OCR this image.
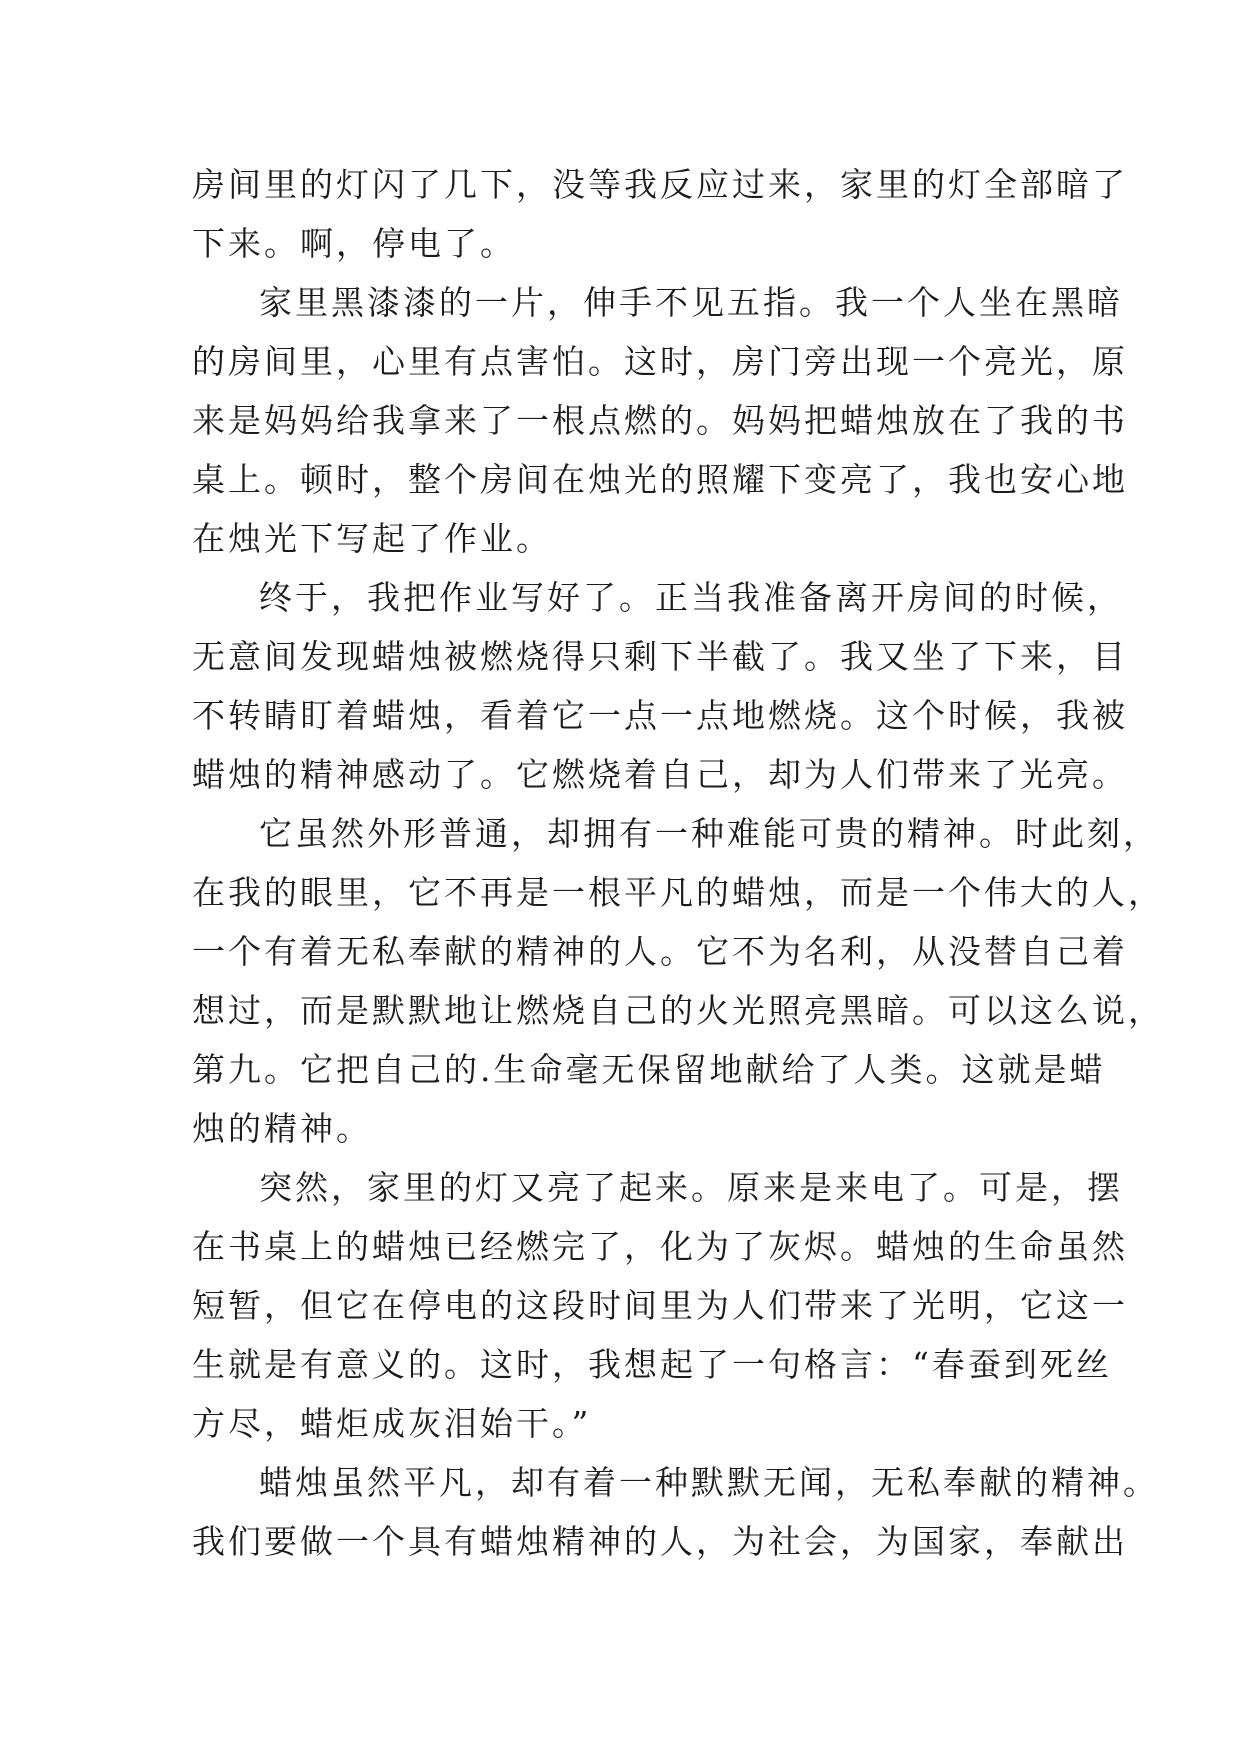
房间里的灯闪了几下，没等我反应过来，家里的灯全部暗了
下来。啊，停电了。
家里黑漆漆的一片，伸手不见五指。我一个人坐在黑暗
的房间里，心里有点害怕。这时，房门旁出现一个亮光，原
来是妈妈给我拿来了一根点燃的。妈妈把蜡烛放在了我的书
桌上。顿时，整个房间在烛光的照耀下变亮了，我也安心地
在烛光下写起了作业。
终于，我把作业写好了。正当我准备离开房间的时候，
无意间发现蜡烛被燃烧得只剩下半截了。我又坐了下来，目
不转睛盯着蜡烛，看着它一点一点地燃烧。这个时候，我被
蜡烛的精神感动了。它燃烧着自己，却为人们带来了光亮。
它虽然外形普通，却拥有一种难能可贵的精神。时此刻，
在我的眼里，它不再是一根平凡的蜡烛，而是一个伟大的人，
一个有着无私奉献的精神的人。它不为名利，从没替自己着
想过，而是默默地让燃烧自己的火光照亮黑暗。可以这么说，
第九。它把自己的.生命毫无保留地献给了人类。这就是蜡
烛的精神。
突然，家里的灯又亮了起来。原来是来电了。可是，摆
在书桌上的蜡烛已经燃完了，化为了灰烬。蜡烛的生命虽然
短暂，但它在停电的这段时间里为人们带来了光明，它这一
生就是有意义的。这时，我想起了一句格言：“春蚕到死丝
方尽，蜡炬成灰泪始干。”
蜡烛虽然平凡，却有着一种默默无闻，无私奉献的精神。
我们要做一个具有蜡烛精神的人，为社会，为国家，奉献出
